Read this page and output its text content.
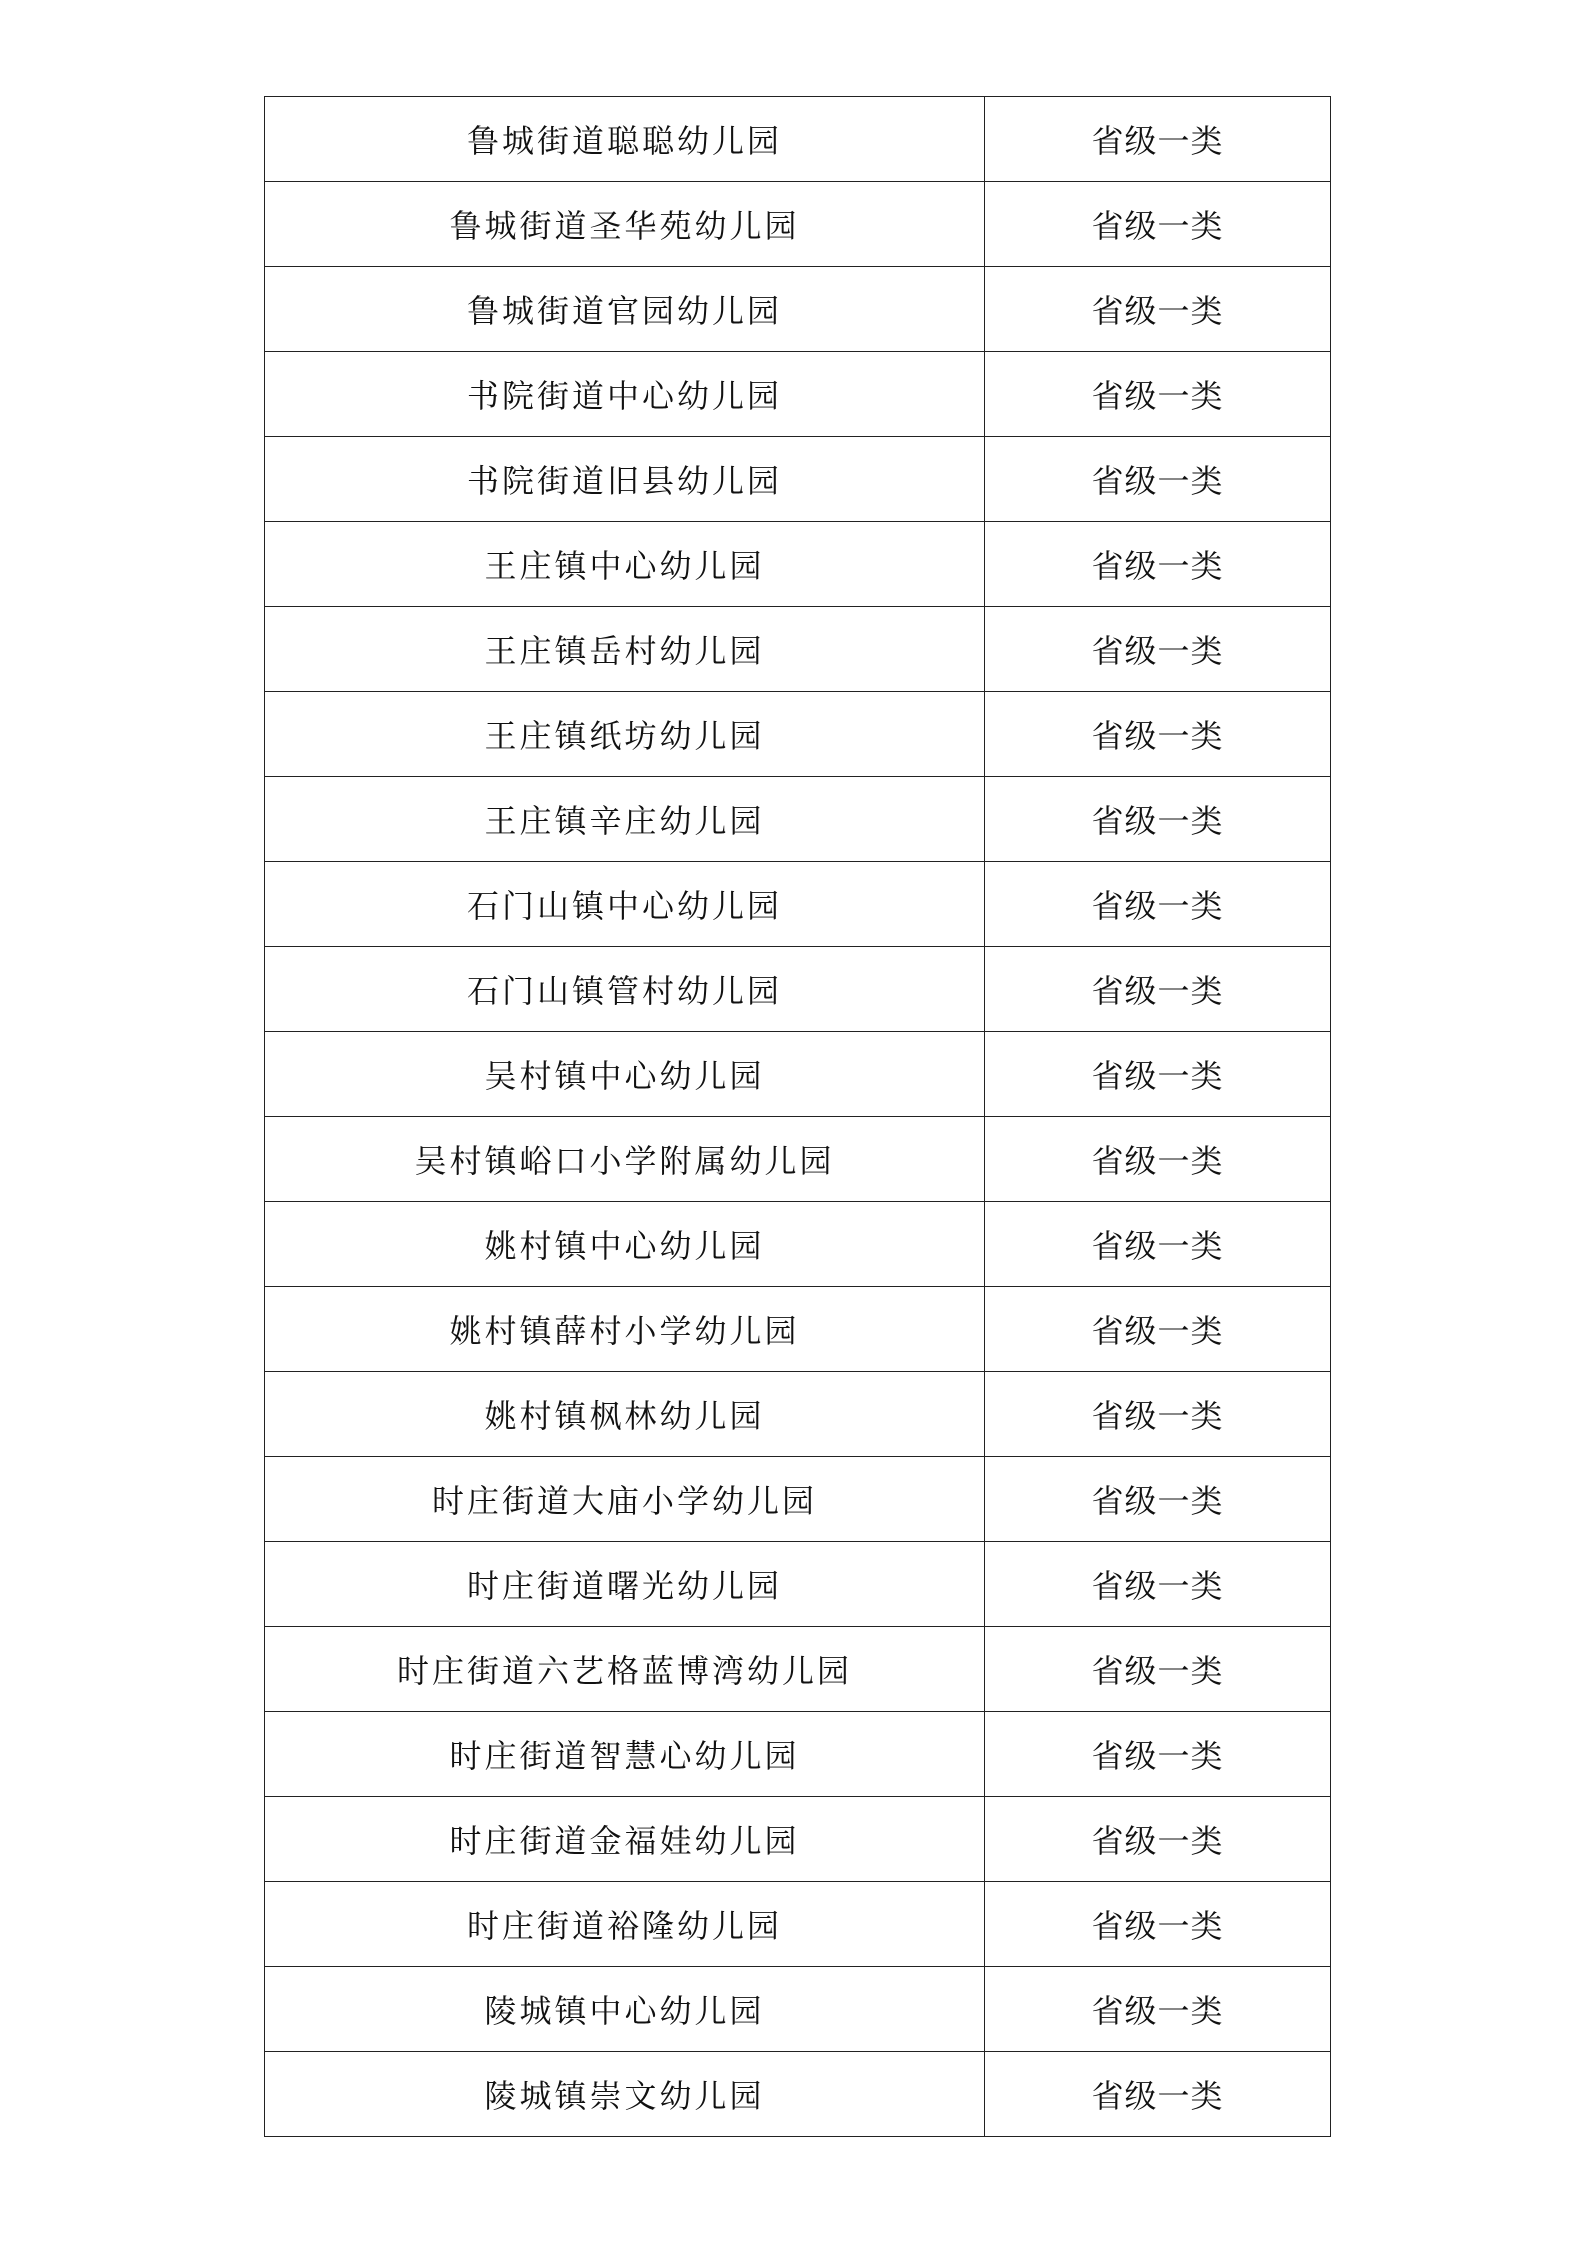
鲁城街道聪聪幼儿园	省级一类
鲁城街道圣华苑幼儿园	省级一类
鲁城街道官园幼儿园	省级一类
书院街道中心幼儿园	省级一类
书院街道旧县幼儿园	省级一类
王庄镇中心幼儿园	省级一类
王庄镇岳村幼儿园	省级一类
王庄镇纸坊幼儿园	省级一类
王庄镇辛庄幼儿园	省级一类
石门山镇中心幼儿园	省级一类
石门山镇管村幼儿园	省级一类
吴村镇中心幼儿园	省级一类
吴村镇峪口小学附属幼儿园	省级一类
姚村镇中心幼儿园	省级一类
姚村镇薛村小学幼儿园	省级一类
姚村镇枫林幼儿园	省级一类
时庄街道大庙小学幼儿园	省级一类
时庄街道曙光幼儿园	省级一类
时庄街道六艺格蓝博湾幼儿园	省级一类
时庄街道智慧心幼儿园	省级一类
时庄街道金福娃幼儿园	省级一类
时庄街道裕隆幼儿园	省级一类
陵城镇中心幼儿园	省级一类
陵城镇崇文幼儿园	省级一类
